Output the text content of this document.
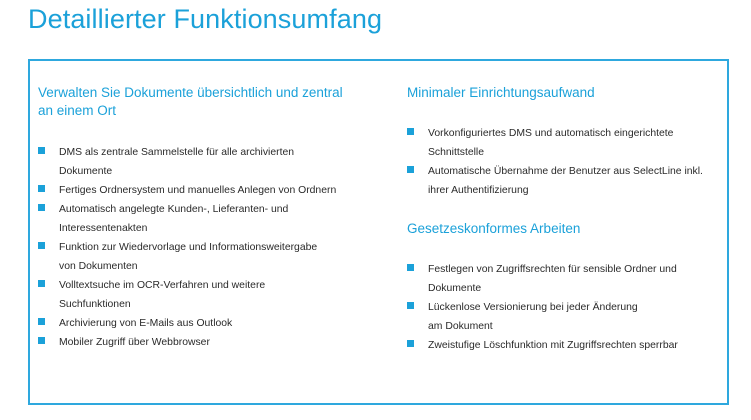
Detaillierter Funktionsumfang
Verwalten Sie Dokumente übersichtlich und zentral an einem Ort
DMS als zentrale Sammelstelle für alle archivierten
Dokumente
Fertiges Ordnersystem und manuelles Anlegen von Ordnern
Automatisch angelegte Kunden-, Lieferanten- und
Interessentenakten
Funktion zur Wiedervorlage und Informationsweitergabe
von Dokumenten
Volltextsuche im OCR-Verfahren und weitere
Suchfunktionen
Archivierung von E-Mails aus Outlook
Mobiler Zugriff über Webbrowser
Minimaler Einrichtungsaufwand
Vorkonfiguriertes DMS und automatisch eingerichtete
Schnittstelle
Automatische Übernahme der Benutzer aus SelectLine inkl.
ihrer Authentifizierung
Gesetzeskonformes Arbeiten
Festlegen von Zugriffsrechten für sensible Ordner und
Dokumente
Lückenlose Versionierung bei jeder Änderung
am Dokument
Zweistufige Löschfunktion mit Zugriffsrechten sperrbar
